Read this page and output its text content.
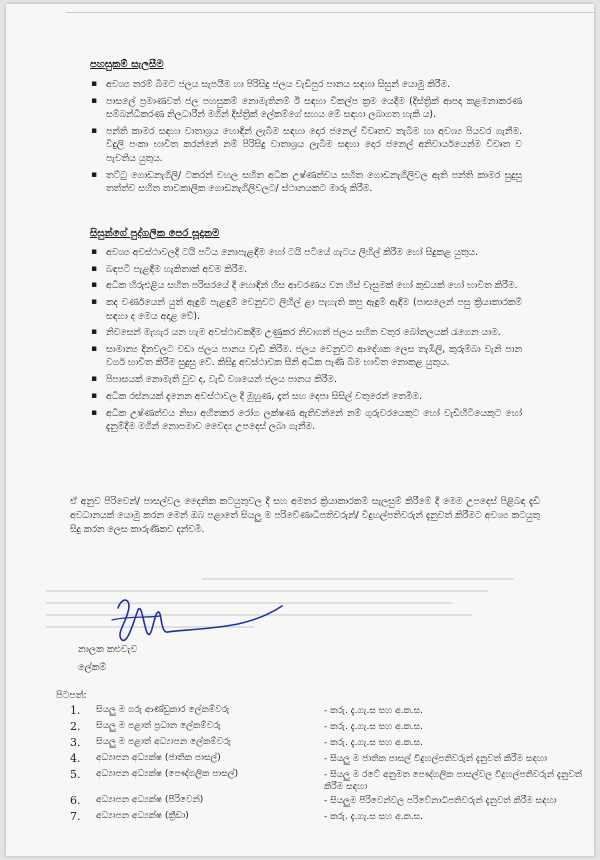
පහසුකම් සැලසීම
▪ අවශ්‍ය තරම් බීමට ජලය සැපයීම හා පිරිසිදු ජලය වැඩිපුර පානය සඳහා සිසුන් යොමු කිරීම.
▪ පාසලේ ප්‍රමාණවත් ජල පහසුකම් නොමැතිනම් ඊ සඳහා විකල්ප ක්‍රම යෙදීම (දිස්ත්‍රික් ආපදා කළමනාකරණ සම්බන්ධීකරණ නිලධාරීන් මගින් දිස්ත්‍රික් ලේකම්ගේ සහය මේ සඳහා ලබාගත හැකි ය).
▪ පන්ති කාමර සඳහා වාතාශ්‍රය හොඳින් ලැබීම සඳහා දොර ජනෙල් විවෘතව තැබීම හා අවශ්‍ය පියවර ගැනීම. විදුලි පංකා භාවිත කරන්නේ නම් පිරිසිදු වාතාශ්‍රය ලැබීම සඳහා දොර ජනෙල් අනිවාර්යයෙන්ම විවෘත ව පැවතිය යුතුය.
▪ තට්ටු ගොඩනැගිලි/ ටකරන් වහල සහිත අධික උෂ්ණත්වය සහිත ගොඩනැගිලිවල ඇති පන්ති කාමර සුදුසු තත්ත්ව සහිත තාවකාලික ගොඩනැගිලිවලට/ ස්ථානයකට මාරු කිරීම.
සිසුන්ගේ පුද්ගලික පෙර සූදානම
▪ අවශ්‍ය අවස්ථාවලදී ටයි පටිය නොපැළඳීම හෝ ටයි පටියේ ගැටය ලිහිල් කිරීම හෝ සිදුකළ යුතුය.
▪ බඳපටි පැළඳීම හැකිතාක් අවම කිරීම.
▪ අධික හිරුඑළිය සහිත පරිසරයේ දී හොඳින් හිස ආවරණය වන හිස් වැසුමක් හෝ කුඩයක් හෝ භාවිත කිරීම.
▪ කද වර්ණයෙන් යුත් ඇඳුම් පැළඳුම් වෙනුවට ලිහිල් ළා පැහැති කපු ඇඳුම් ඇඳීම (පාසලෙන් පසු ක්‍රියාකාරකම් සඳහා ද මෙය අදාළ වේ).
▪ නිවසෙන් මැහැර යන හැම අවස්ථාවකදීම උණුකර නිවාගත් ජලය සහිත වතුර බෝතලයක් රැගෙන යාම.
▪ සාමාන්‍ය දිනවලට වඩා ජලය පානය වැඩි කිරීම. ජලය වෙනුවට ආදේශක ලෙස තැඹිලි, කුරුම්බා වැනි පාන වර්ග භාවිත කිරීම සුදුසු වේ. කිසිදු අවස්ථාවක සීනි අධික පැණි බීම භාවිත නොකළ යුතුය.
▪ පිපාසයක් නොමැති වුව ද, වැඩි වශයෙන් ජලය පානය කිරීම.
▪ අධික රස්නයක් දැනෙන අවස්ථාවල දී මුහුණ, දෑත් සහ දෙපා සිසිල් වතුරෙන් තෙමීම.
▪ අධික උෂ්ණත්වය නිසා අහිතකර රෝග ලක්ෂණ ඇතිවන්නේ නම් ගුරුවරයෙකුට හෝ වැඩිහිටියෙකුට හෝ දැනුම්දීම මගින් නොපමාව වෛද්‍ය උපදෙස් ලබා ගැනීම.
ඒ අනුව පිරිවෙන්/ පාසල්වල දෛනික කටයුතුවල දී සහ අමතර ක්‍රියාකාරකම් සැලසුම් කිරීමේ දී මෙම උපදෙස් පිළිබඳ දැඩි අවධානයක් යොමු කරන මෙන් ඔබ පළාතේ සියලු ම පරිවේණාධිපතිවරුන්/ විදුහල්පතිවරුන් දැනුවත් කිරීමට අවශ්‍ය කටයුතු සිදු කරන ලෙස කාරුණිකව දන්වමි.
නාලක කළුවැව
ලේකම්
පිටපත්:
1. සියලු ම ගරු ආණ්ඩුකාර ලේකම්වරු	- කරු. දැ.ගැ.ස සහ අ.ක.ස.
2. සියලු ම පළාත් ප්‍රධාන ලේකම්වරු	- කරු. දැ.ගැ.ස සහ අ.ක.ස.
3. සියලු ම පළාත් අධ්‍යාපන ලේකම්වරු	- කරු. දැ.ගැ.ස සහ අ.ක.ස.
4. අධ්‍යාපන අධ්‍යක්ෂ (ජාතික පාසල්)	- සියලු ම ජාතික පාසල් විදුහල්පතිවරුන් දැනුවත් කිරීම සඳහා
5. අධ්‍යාපන අධ්‍යක්ෂ (පෞද්ගලික පාසල්)	- සියලු ම රටේ අනුමත පෞද්ගලික පාසල්වල විදුහල්පතිවරුන් දැනුවත් කිරීම සඳහා
6. අධ්‍යාපන අධ්‍යක්ෂ (පිරිවෙන්)	- සියලුම පිරිවෙන්වල පරිවේනාධිපතිවරුන් දැනුවත් කිරීම සඳහා
7. අධ්‍යාපන අධ්‍යක්ෂ (ක්‍රීඩා)	- කරු. දැ.ගැ.ස සහ අ.ක.ස.
